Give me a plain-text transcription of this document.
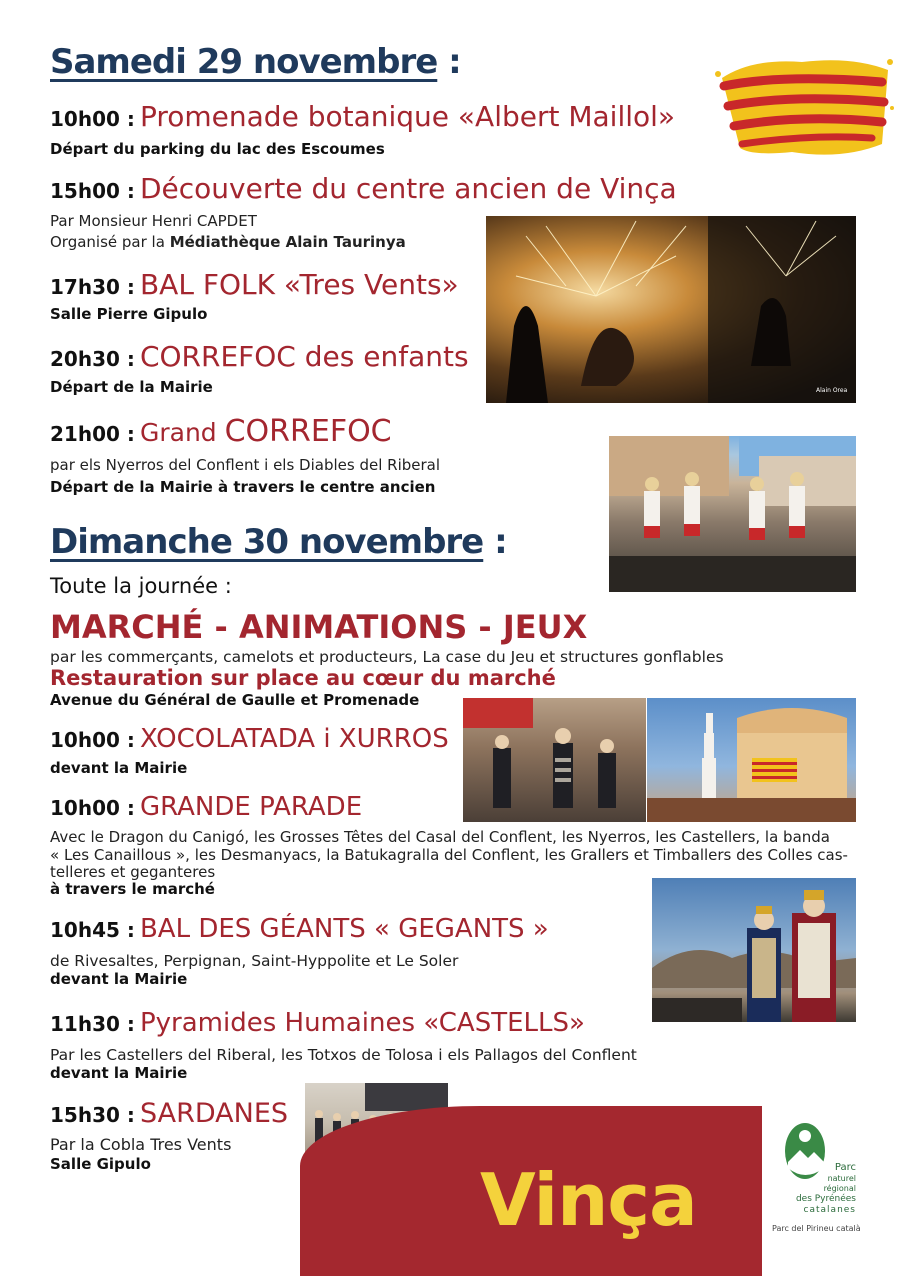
Samedi 29 novembre :
10h00 : Promenade botanique «Albert Maillol»
Départ du parking du lac des Escoumes
15h00 : Découverte du centre ancien de Vinça
Par Monsieur Henri CAPDET
Organisé par la Médiathèque Alain Taurinya
17h30 : BAL FOLK «Tres Vents»
Salle Pierre Gipulo
20h30 : CORREFOC des enfants
Départ de la Mairie
21h00 : Grand CORREFOC
par els Nyerros del Conflent i els Diables del Riberal
Départ de la Mairie à travers le centre ancien
Alain Orea
Dimanche 30 novembre :
Toute la journée :
MARCHÉ - ANIMATIONS - JEUX
par les commerçants, camelots et producteurs, La case du Jeu et structures gonflables
Restauration sur place au cœur du marché
Avenue du Général de Gaulle et Promenade
10h00 : XOCOLATADA i XURROS
devant la Mairie
10h00 : GRANDE PARADE
Avec le Dragon du Canigó, les Grosses Têtes del Casal del Conflent, les Nyerros, les Castellers, la banda
« Les Canaillous », les Desmanyacs, la Batukagralla del Conflent, les Grallers et Timballers des Colles cas-
telleres et geganteres
à travers le marché
10h45 : BAL DES GÉANTS « GEGANTS »
de Rivesaltes, Perpignan, Saint-Hyppolite et Le Soler
devant la Mairie
11h30 : Pyramides Humaines «CASTELLS»
Par les Castellers del Riberal, les Totxos de Tolosa i els Pallagos del Conflent
devant la Mairie
15h30 : SARDANES
Par la Cobla Tres Vents
Salle Gipulo	Vinça	Parc
naturel
régional
des Pyrénées
catalanes
Parc del Pirineu català
